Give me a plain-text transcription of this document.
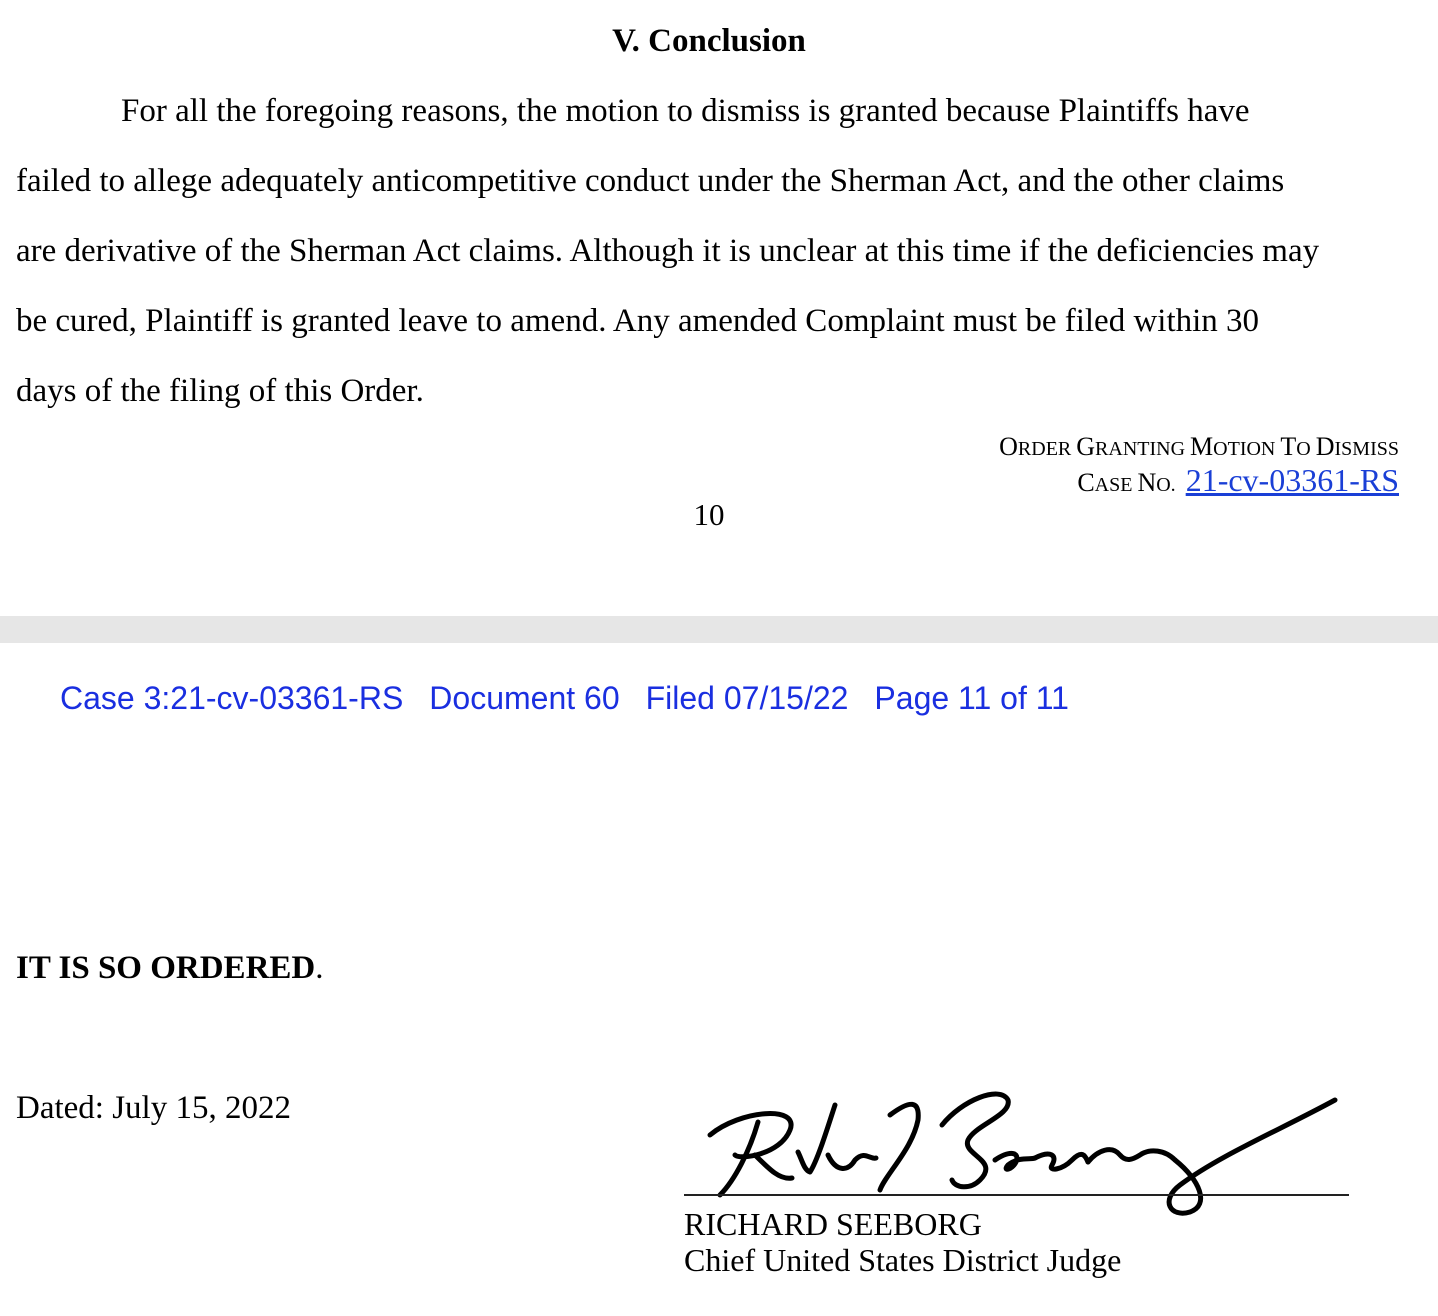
V. Conclusion
For all the foregoing reasons, the motion to dismiss is granted because Plaintiffs have
failed to allege adequately anticompetitive conduct under the Sherman Act, and the other claims
are derivative of the Sherman Act claims. Although it is unclear at this time if the deficiencies may
be cured, Plaintiff is granted leave to amend. Any amended Complaint must be filed within 30
days of the filing of this Order.
ORDER GRANTING MOTION TO DISMISS
CASE NO. 21-cv-03361-RS
10
Case 3:21-cv-03361-RS Document 60 Filed 07/15/22 Page 11 of 11
IT IS SO ORDERED.
Dated: July 15, 2022
RICHARD SEEBORG
Chief United States District Judge
